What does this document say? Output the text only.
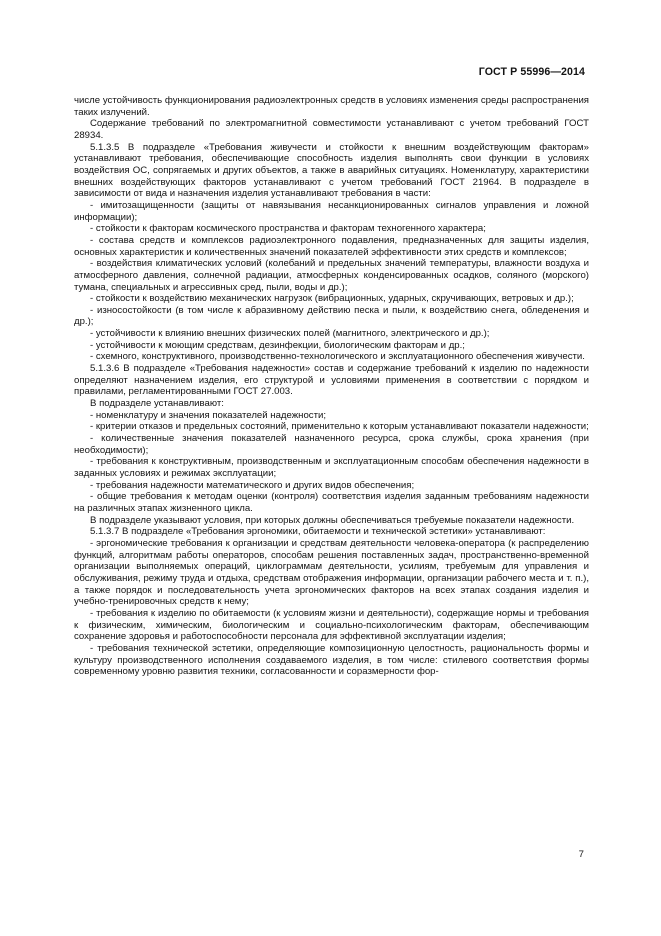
ГОСТ Р 55996—2014

числе устойчивость функционирования радиоэлектронных средств в условиях изменения среды распространения таких излучений.

Содержание требований по электромагнитной совместимости устанавливают с учетом требований ГОСТ 28934.

5.1.3.5 В подразделе «Требования живучести и стойкости к внешним воздействующим факторам» устанавливают требования, обеспечивающие способность изделия выполнять свои функции в условиях воздействия ОС, сопрягаемых и других объектов, а также в аварийных ситуациях. Номенклатуру, характеристики внешних воздействующих факторов устанавливают с учетом требований ГОСТ 21964. В подразделе в зависимости от вида и назначения изделия устанавливают требования в части:

- имитозащищенности (защиты от навязывания несанкционированных сигналов управления и ложной информации);

- стойкости к факторам космического пространства и факторам техногенного характера;

- состава средств и комплексов радиоэлектронного подавления, предназначенных для защиты изделия, основных характеристик и количественных значений показателей эффективности этих средств и комплексов;

- воздействия климатических условий (колебаний и предельных значений температуры, влажности воздуха и атмосферного давления, солнечной радиации, атмосферных конденсированных осадков, соляного (морского) тумана, специальных и агрессивных сред, пыли, воды и др.);

- стойкости к воздействию механических нагрузок (вибрационных, ударных, скручивающих, ветровых и др.);

- износостойкости (в том числе к абразивному действию песка и пыли, к воздействию снега, обледенения и др.);

- устойчивости к влиянию внешних физических полей (магнитного, электрического и др.);

- устойчивости к моющим средствам, дезинфекции, биологическим факторам и др.;

- схемного, конструктивного, производственно-технологического и эксплуатационного обеспечения живучести.

5.1.3.6 В подразделе «Требования надежности» состав и содержание требований к изделию по надежности определяют назначением изделия, его структурой и условиями применения в соответствии с порядком и правилами, регламентированными ГОСТ 27.003.

В подразделе устанавливают:

- номенклатуру и значения показателей надежности;

- критерии отказов и предельных состояний, применительно к которым устанавливают показатели надежности;

- количественные значения показателей назначенного ресурса, срока службы, срока хранения (при необходимости);

- требования к конструктивным, производственным и эксплуатационным способам обеспечения надежности в заданных условиях и режимах эксплуатации;

- требования надежности математического и других видов обеспечения;

- общие требования к методам оценки (контроля) соответствия изделия заданным требованиям надежности на различных этапах жизненного цикла.

В подразделе указывают условия, при которых должны обеспечиваться требуемые показатели надежности.

5.1.3.7 В подразделе «Требования эргономики, обитаемости и технической эстетики» устанавливают:

- эргономические требования к организации и средствам деятельности человека-оператора (к распределению функций, алгоритмам работы операторов, способам решения поставленных задач, пространственно-временной организации выполняемых операций, циклограммам деятельности, усилиям, требуемым для управления и обслуживания, режиму труда и отдыха, средствам отображения информации, организации рабочего места и т. п.), а также порядок и последовательность учета эргономических факторов на всех этапах создания изделия и учебно-тренировочных средств к нему;

- требования к изделию по обитаемости (к условиям жизни и деятельности), содержащие нормы и требования к физическим, химическим, биологическим и социально-психологическим факторам, обеспечивающим сохранение здоровья и работоспособности персонала для эффективной эксплуатации изделия;

- требования технической эстетики, определяющие композиционную целостность, рациональность формы и культуру производственного исполнения создаваемого изделия, в том числе: стилевого соответствия формы современному уровню развития техники, согласованности и соразмерности фор-

7
